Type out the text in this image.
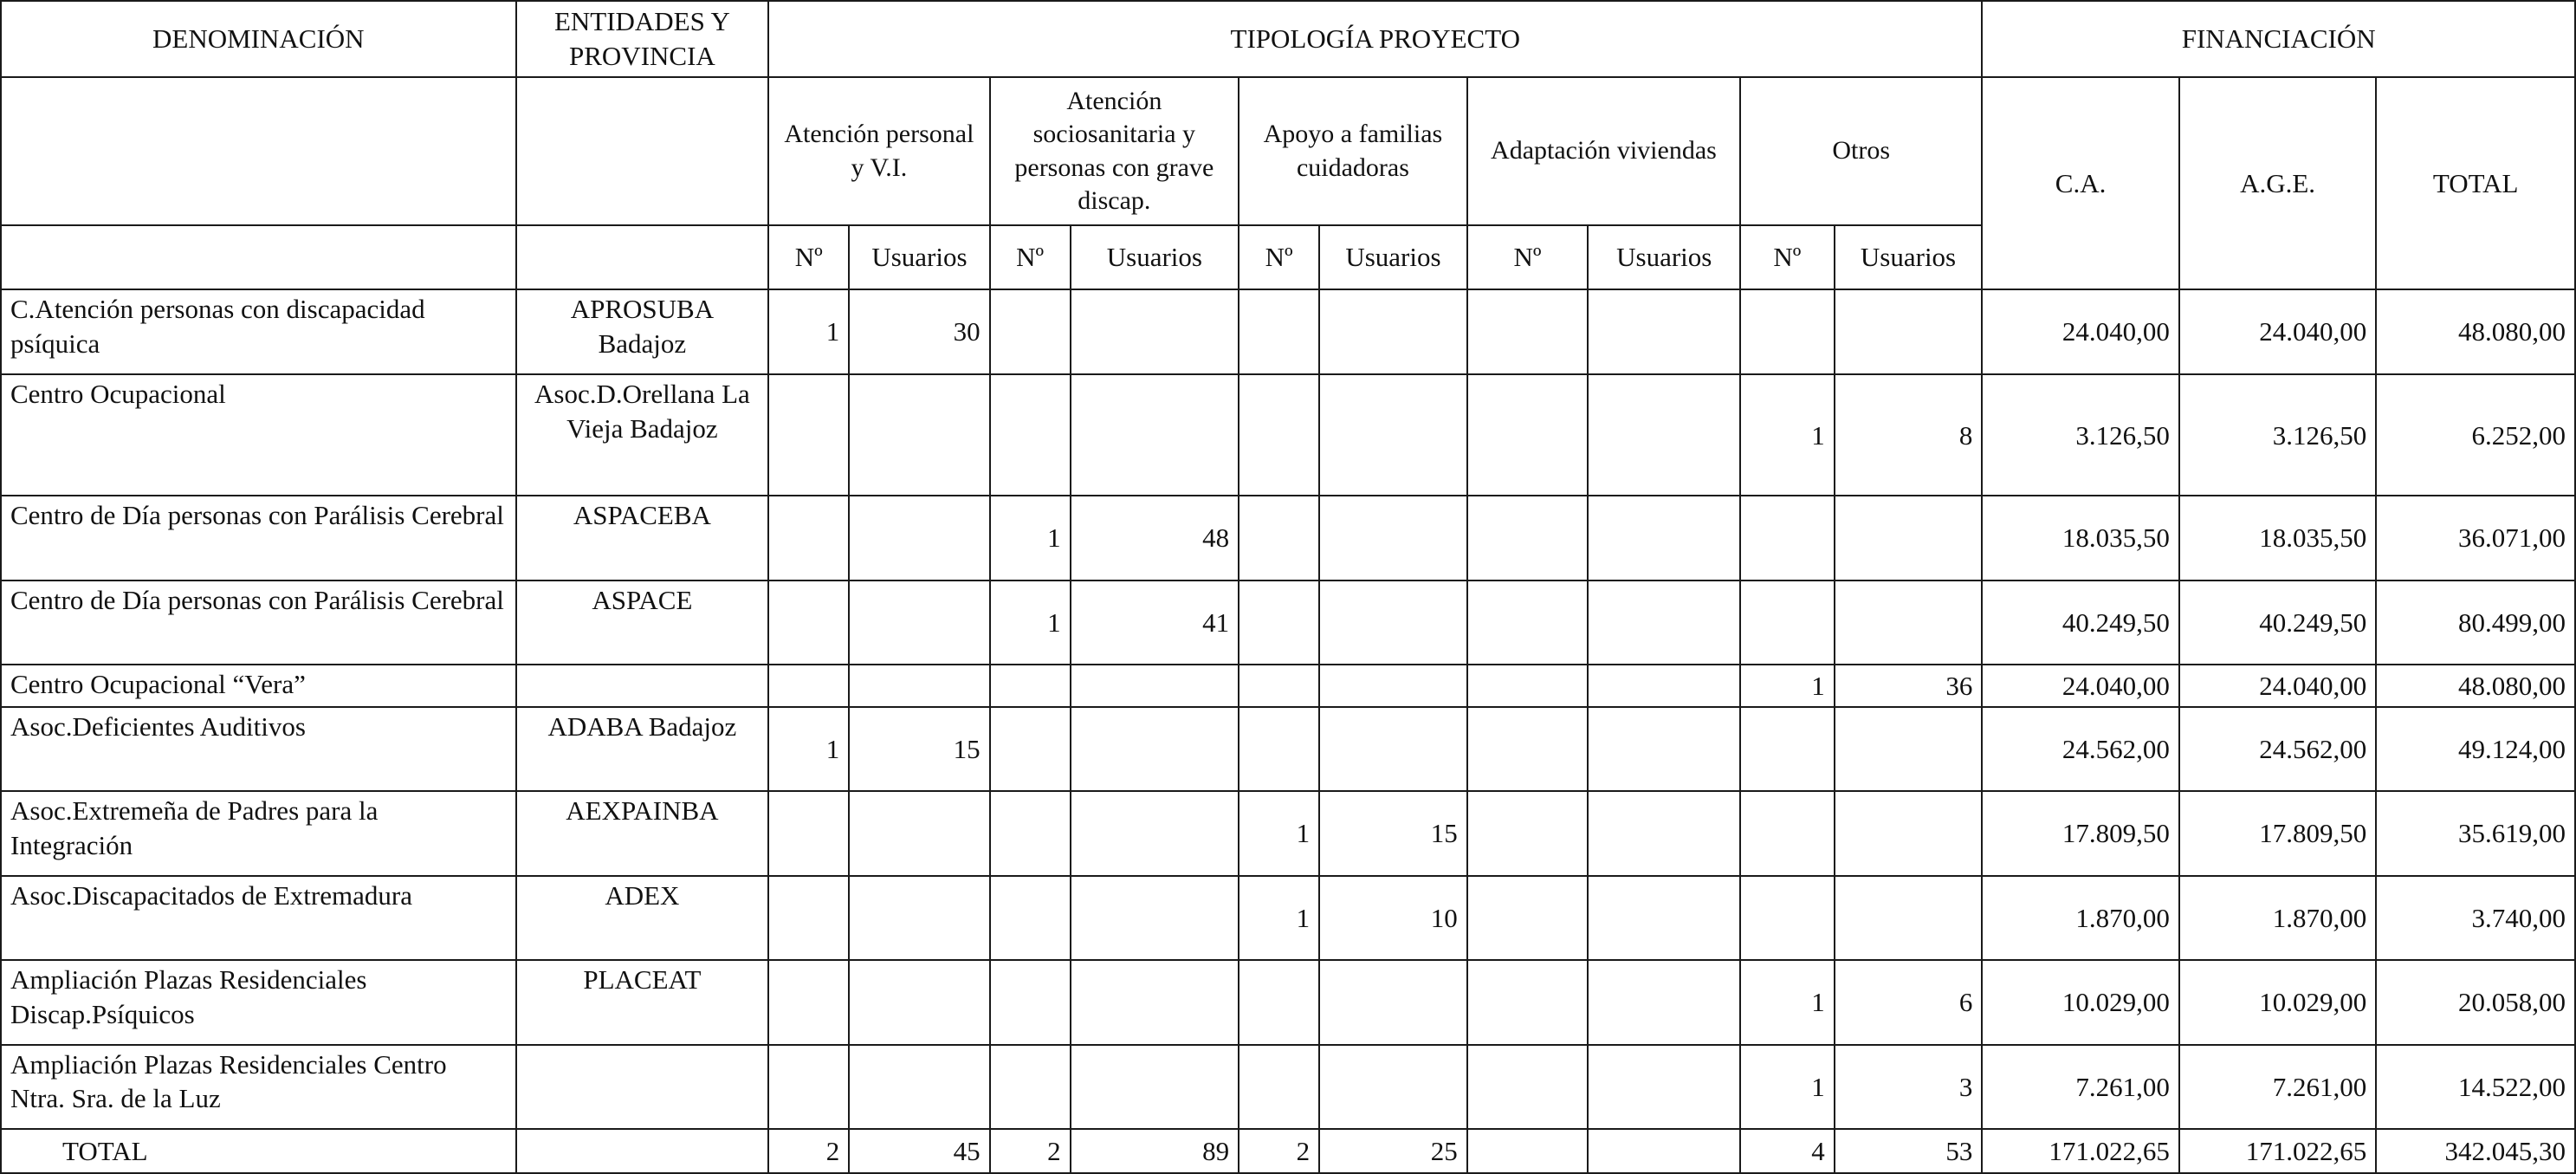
DENOMINACIÓN	ENTIDADES Y PROVINCIA	TIPOLOGÍA PROYECTO										FINANCIACIÓN		
		Atención personal y V.I.		Atención sociosanitaria y personas con grave discap.		Apoyo a familias cuidadoras		Adaptación viviendas		Otros		C.A.	A.G.E.	TOTAL
		Nº	Usuarios	Nº	Usuarios	Nº	Usuarios	Nº	Usuarios	Nº	Usuarios			
C.Atención personas con discapacidad psíquica	APROSUBA Badajoz	1	30									24.040,00	24.040,00	48.080,00
Centro Ocupacional	Asoc.D.Orellana La Vieja Badajoz									1	8	3.126,50	3.126,50	6.252,00
Centro de Día personas con Parálisis Cerebral	ASPACEBA			1	48							18.035,50	18.035,50	36.071,00
Centro de Día personas con Parálisis Cerebral	ASPACE			1	41							40.249,50	40.249,50	80.499,00
Centro Ocupacional “Vera”										1	36	24.040,00	24.040,00	48.080,00
Asoc.Deficientes Auditivos	ADABA Badajoz	1	15									24.562,00	24.562,00	49.124,00
Asoc.Extremeña de Padres para la Integración	AEXPAINBA					1	15					17.809,50	17.809,50	35.619,00
Asoc.Discapacitados de Extremadura	ADEX					1	10					1.870,00	1.870,00	3.740,00
Ampliación Plazas Residenciales Discap.Psíquicos	PLACEAT									1	6	10.029,00	10.029,00	20.058,00
Ampliación Plazas Residenciales Centro Ntra. Sra. de la Luz										1	3	7.261,00	7.261,00	14.522,00
TOTAL		2	45	2	89	2	25			4	53	171.022,65	171.022,65	342.045,30
